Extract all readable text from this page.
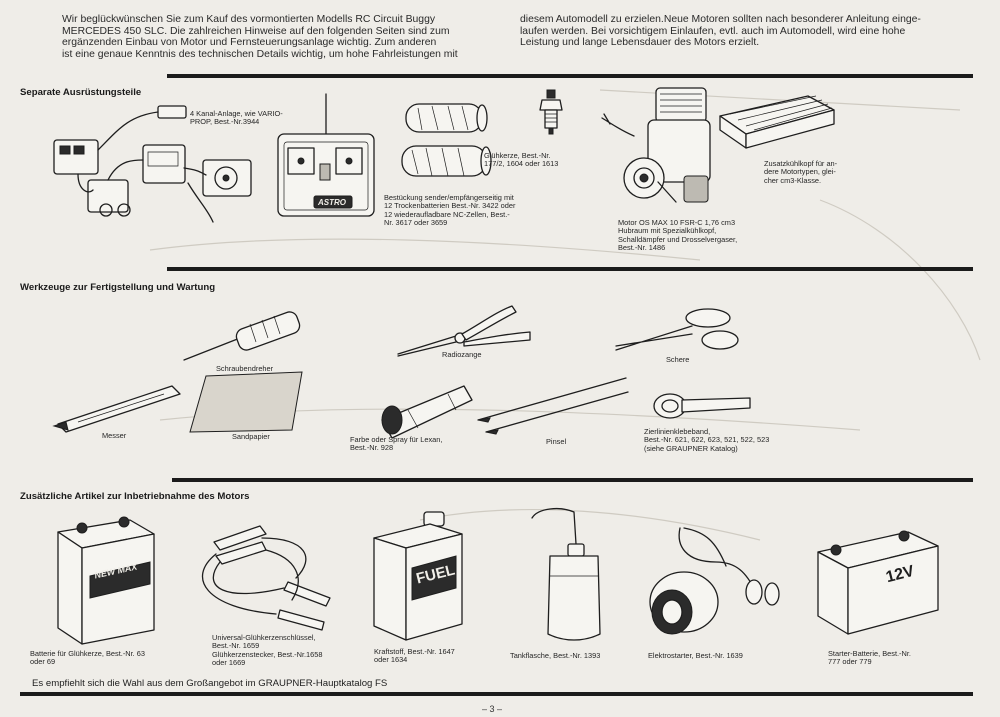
Wir beglückwünschen Sie zum Kauf des vormontierten Modells RC Circuit Buggy
MERCEDES 450 SLC. Die zahlreichen Hinweise auf den folgenden Seiten sind zum
ergänzenden Einbau von Motor und Fernsteuerungsanlage wichtig. Zum anderen
ist eine genaue Kenntnis des technischen Details wichtig, um hohe Fahrleistungen mit
diesem Automodell zu erzielen.Neue Motoren sollten nach besonderer Anleitung einge-
laufen werden. Bei vorsichtigem Einlaufen, evtl. auch im Automodell, wird eine hohe
Leistung und lange Lebensdauer des Motors erzielt.
Separate Ausrüstungsteile
4 Kanal-Anlage, wie VARIO-
PROP, Best.-Nr.3944
ASTRO
Bestückung sender/empfängerseitig mit
12 Trockenbatterien Best.-Nr. 3422 oder
12 wiederaufladbare NC-Zellen, Best.-
Nr. 3617 oder 3659
Glühkerze, Best.-Nr.
177/2, 1604 oder 1613
Motor OS MAX 10 FSR-C 1,76 cm3
Hubraum mit Spezialkühlkopf,
Schalldämpfer und Drosselvergaser,
Best.-Nr. 1486
Zusatzkühlkopf für an-
dere Motortypen, glei-
cher cm3-Klasse.
Werkzeuge zur Fertigstellung und Wartung
Schraubendreher
Radiozange
Schere
Messer	Sandpapier	Farbe oder Spray für Lexan,
Best.-Nr. 928
Pinsel
Zierlinienklebeband,
Best.-Nr. 621, 622, 623, 521, 522, 523
(siehe GRAUPNER Katalog)
Zusätzliche Artikel zur Inbetriebnahme des Motors
NEW MAX
Batterie für Glühkerze, Best.-Nr. 63
oder 69
Universal-Glühkerzenschlüssel,
Best.-Nr. 1659
Glühkerzenstecker, Best.-Nr.1658
oder 1669
FUEL
Kraftstoff, Best.-Nr. 1647
oder 1634	Tankflasche, Best.-Nr. 1393	Elektrostarter, Best.-Nr. 1639
12V
Starter-Batterie, Best.-Nr.
777 oder 779
Es empfiehlt sich die Wahl aus dem Großangebot im GRAUPNER-Hauptkatalog FS
– 3 –
